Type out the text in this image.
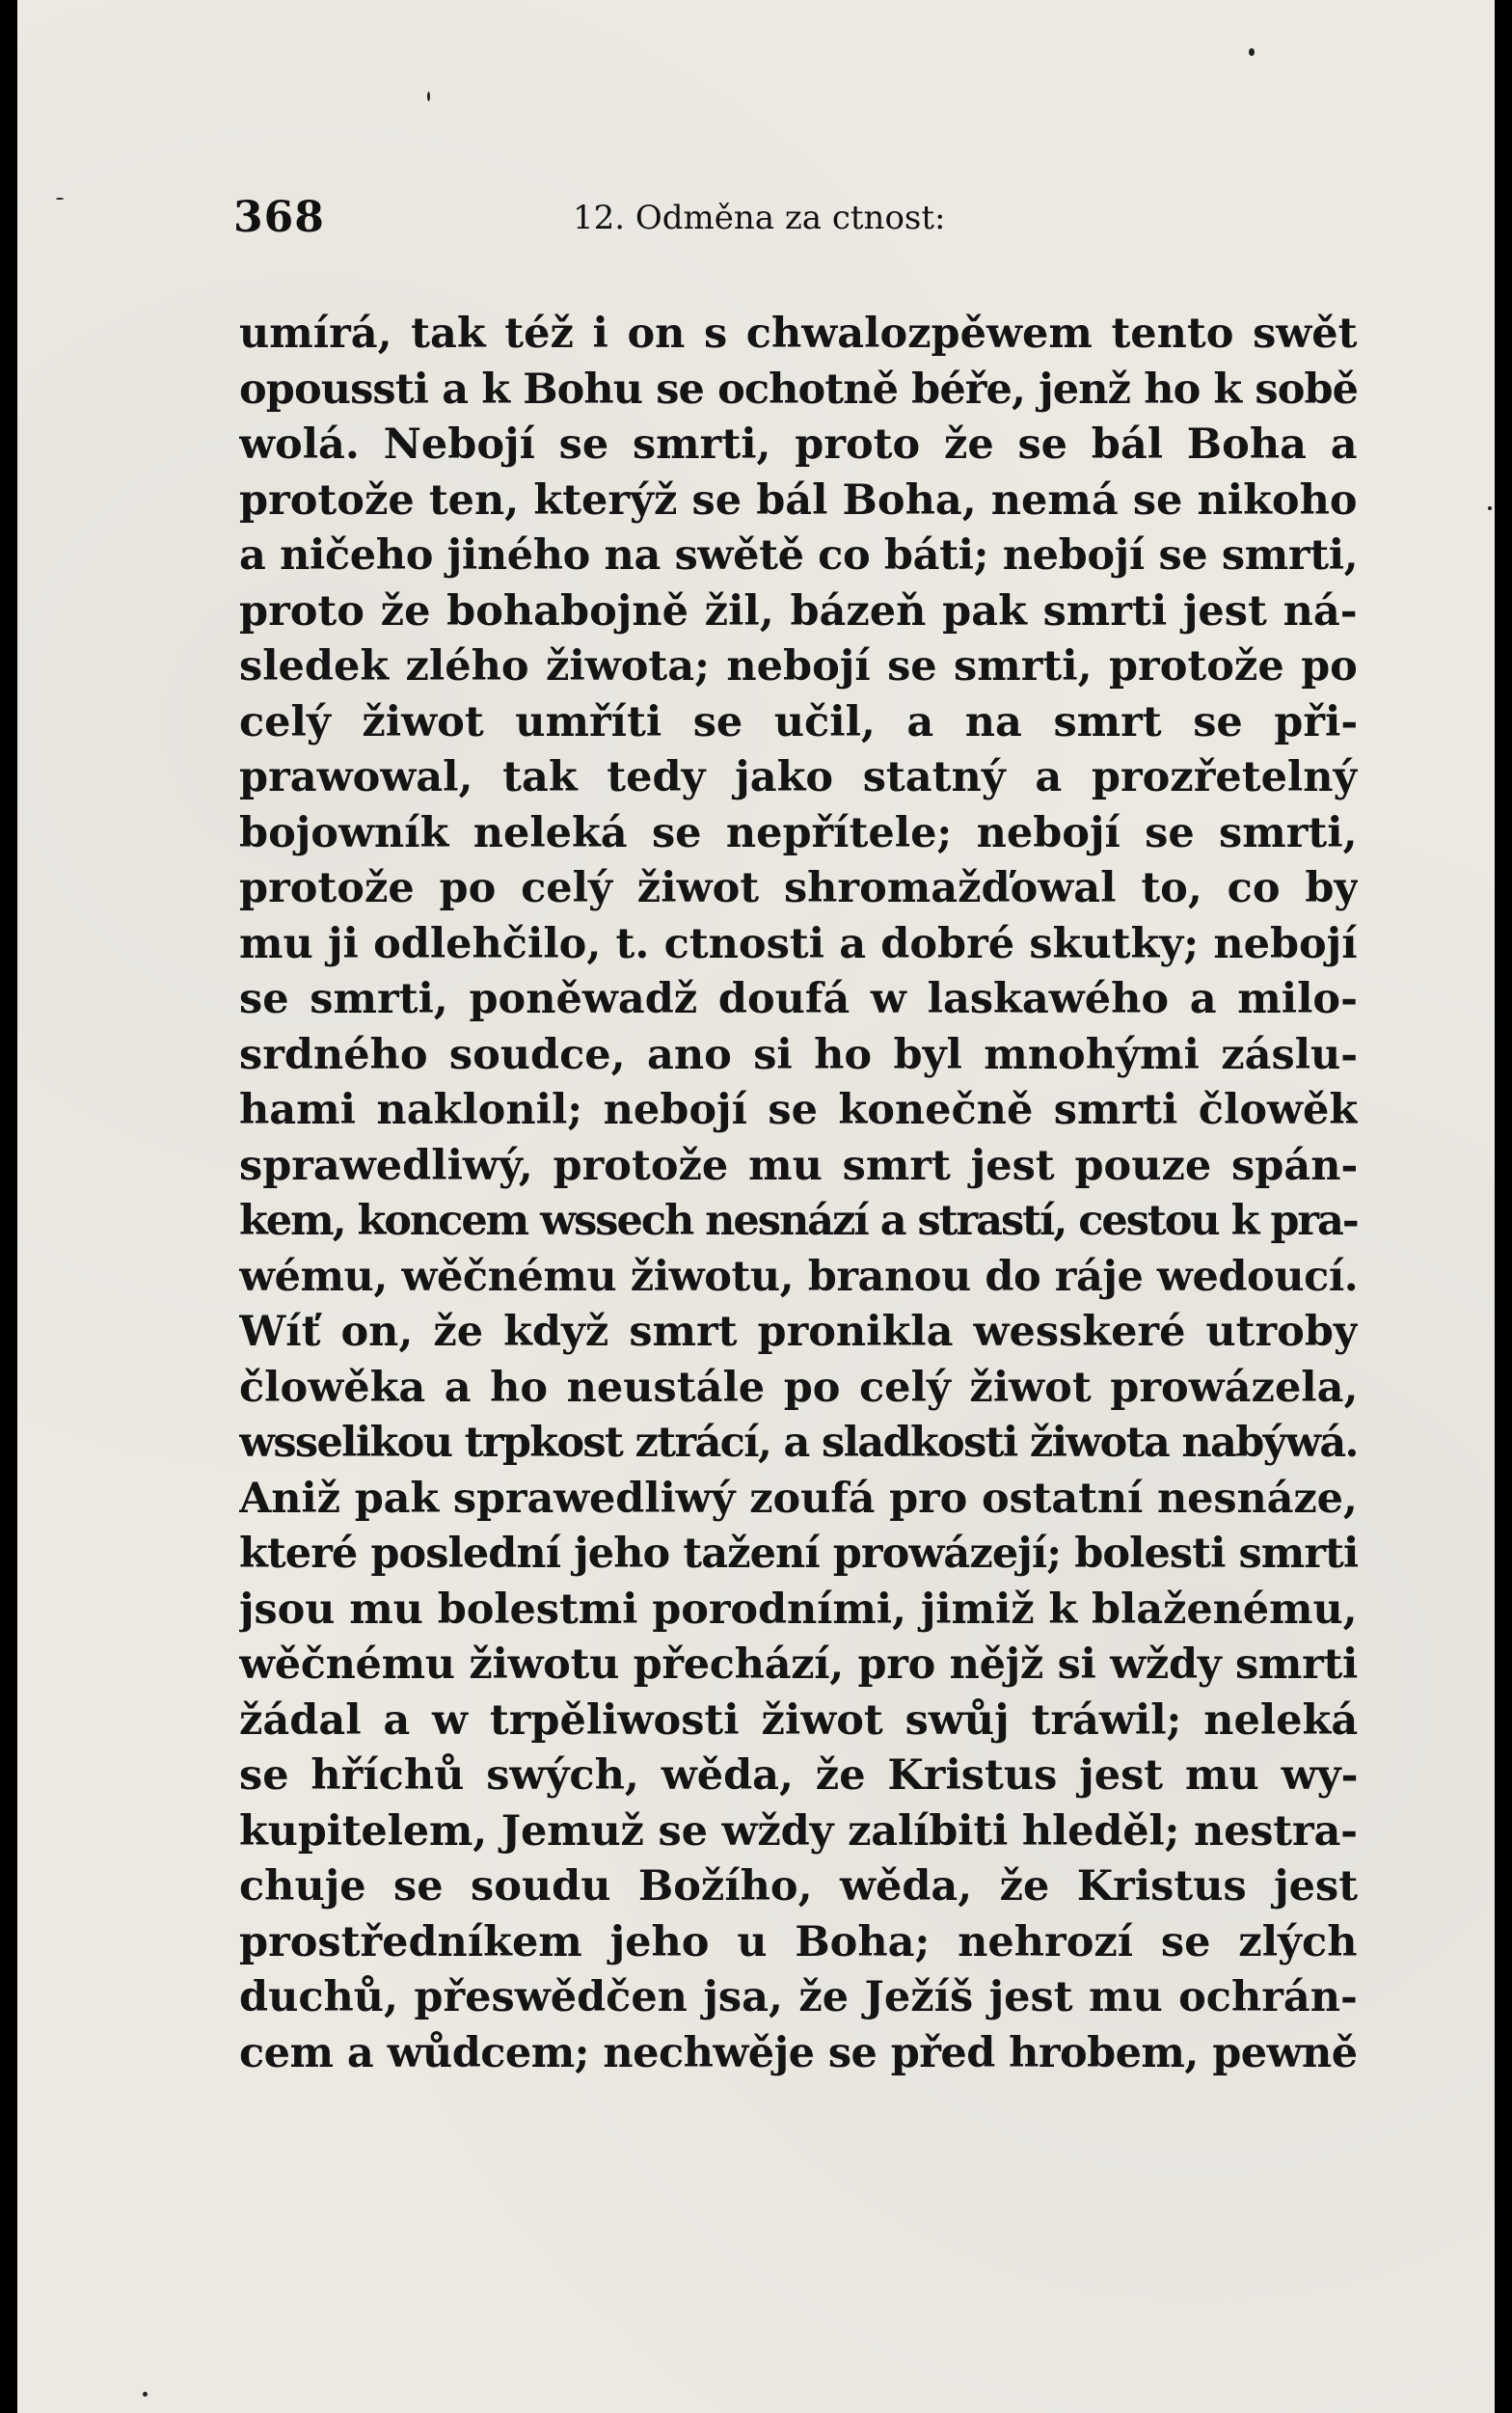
368	12. Odměna za ctnost:
umírá, tak též i on s chwalozpěwem tento swět
opoussti a k Bohu se ochotně béře, jenž ho k sobě
wolá. Nebojí se smrti, proto že se bál Boha a
protože ten, kterýž se bál Boha, nemá se nikoho
a ničeho jiného na swětě co báti; nebojí se smrti,
proto že bohabojně žil, bázeň pak smrti jest ná-
sledek zlého žiwota; nebojí se smrti, protože po
celý žiwot umříti se učil, a na smrt se při-
prawowal, tak tedy jako statný a prozřetelný
bojowník neleká se nepřítele; nebojí se smrti,
protože po celý žiwot shromažďowal to, co by
mu ji odlehčilo, t. ctnosti a dobré skutky; nebojí
se smrti, poněwadž doufá w laskawého a milo-
srdného soudce, ano si ho byl mnohými záslu-
hami naklonil; nebojí se konečně smrti člowěk
sprawedliwý, protože mu smrt jest pouze spán-
kem, koncem wssech nesnází a strastí, cestou k pra-
wému, wěčnému žiwotu, branou do ráje wedoucí.
Wíť on, že když smrt pronikla wesskeré utroby
člowěka a ho neustále po celý žiwot prowázela,
wsselikou trpkost ztrácí, a sladkosti žiwota nabýwá.
Aniž pak sprawedliwý zoufá pro ostatní nesnáze,
které poslední jeho tažení prowázejí; bolesti smrti
jsou mu bolestmi porodními, jimiž k blaženému,
wěčnému žiwotu přechází, pro nějž si wždy smrti
žádal a w trpěliwosti žiwot swůj tráwil; neleká
se hříchů swých, wěda, že Kristus jest mu wy-
kupitelem, Jemuž se wždy zalíbiti hleděl; nestra-
chuje se soudu Božího, wěda, že Kristus jest
prostředníkem jeho u Boha; nehrozí se zlých
duchů, přeswědčen jsa, že Ježíš jest mu ochrán-
cem a wůdcem; nechwěje se před hrobem, pewně
